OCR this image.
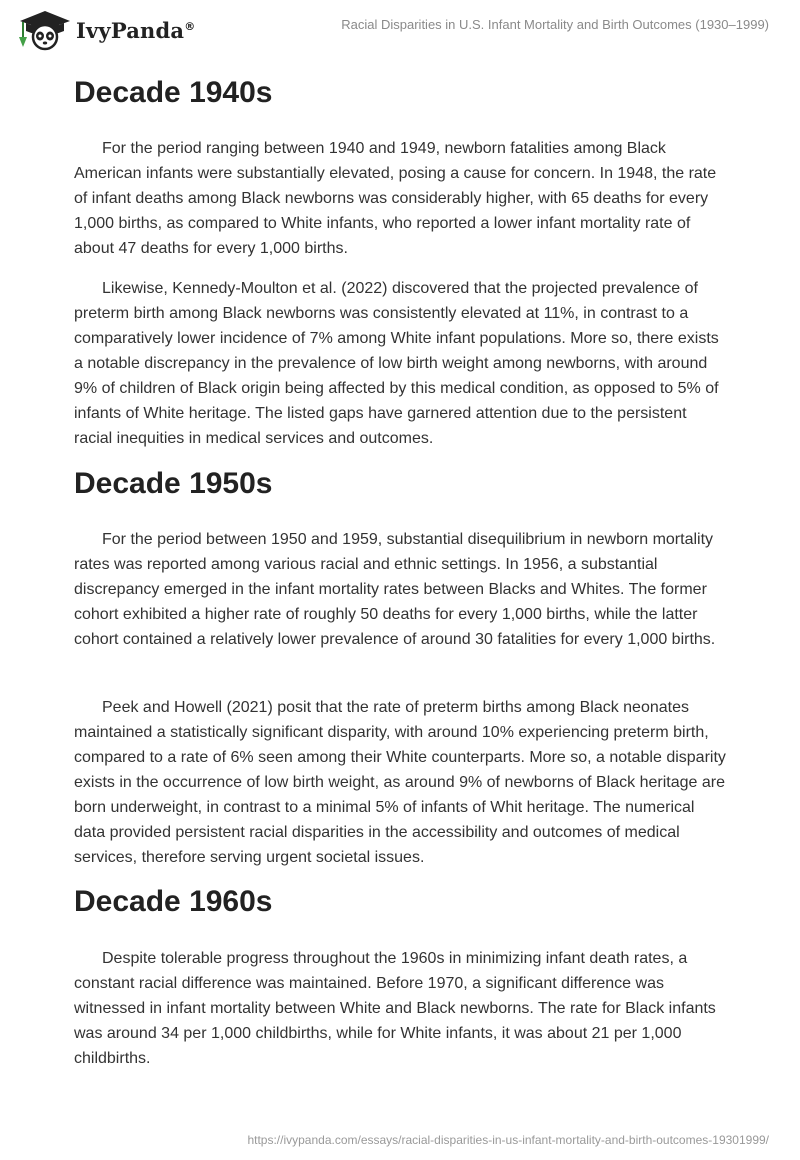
IvyPanda®	Racial Disparities in U.S. Infant Mortality and Birth Outcomes (1930–1999)
Decade 1940s

For the period ranging between 1940 and 1949, newborn fatalities among Black American infants were substantially elevated, posing a cause for concern. In 1948, the rate of infant deaths among Black newborns was considerably higher, with 65 deaths for every 1,000 births, as compared to White infants, who reported a lower infant mortality rate of about 47 deaths for every 1,000 births.

Likewise, Kennedy-Moulton et al. (2022) discovered that the projected prevalence of preterm birth among Black newborns was consistently elevated at 11%, in contrast to a comparatively lower incidence of 7% among White infant populations. More so, there exists a notable discrepancy in the prevalence of low birth weight among newborns, with around 9% of children of Black origin being affected by this medical condition, as opposed to 5% of infants of White heritage. The listed gaps have garnered attention due to the persistent racial inequities in medical services and outcomes.

Decade 1950s

For the period between 1950 and 1959, substantial disequilibrium in newborn mortality rates was reported among various racial and ethnic settings. In 1956, a substantial discrepancy emerged in the infant mortality rates between Blacks and Whites. The former cohort exhibited a higher rate of roughly 50 deaths for every 1,000 births, while the latter cohort contained a relatively lower prevalence of around 30 fatalities for every 1,000 births.

Peek and Howell (2021) posit that the rate of preterm births among Black neonates maintained a statistically significant disparity, with around 10% experiencing preterm birth, compared to a rate of 6% seen among their White counterparts. More so, a notable disparity exists in the occurrence of low birth weight, as around 9% of newborns of Black heritage are born underweight, in contrast to a minimal 5% of infants of Whit heritage. The numerical data provided persistent racial disparities in the accessibility and outcomes of medical services, therefore serving urgent societal issues.

Decade 1960s

Despite tolerable progress throughout the 1960s in minimizing infant death rates, a constant racial difference was maintained. Before 1970, a significant difference was witnessed in infant mortality between White and Black newborns. The rate for Black infants was around 34 per 1,000 childbirths, while for White infants, it was about 21 per 1,000 childbirths.

https://ivypanda.com/essays/racial-disparities-in-us-infant-mortality-and-birth-outcomes-19301999/
